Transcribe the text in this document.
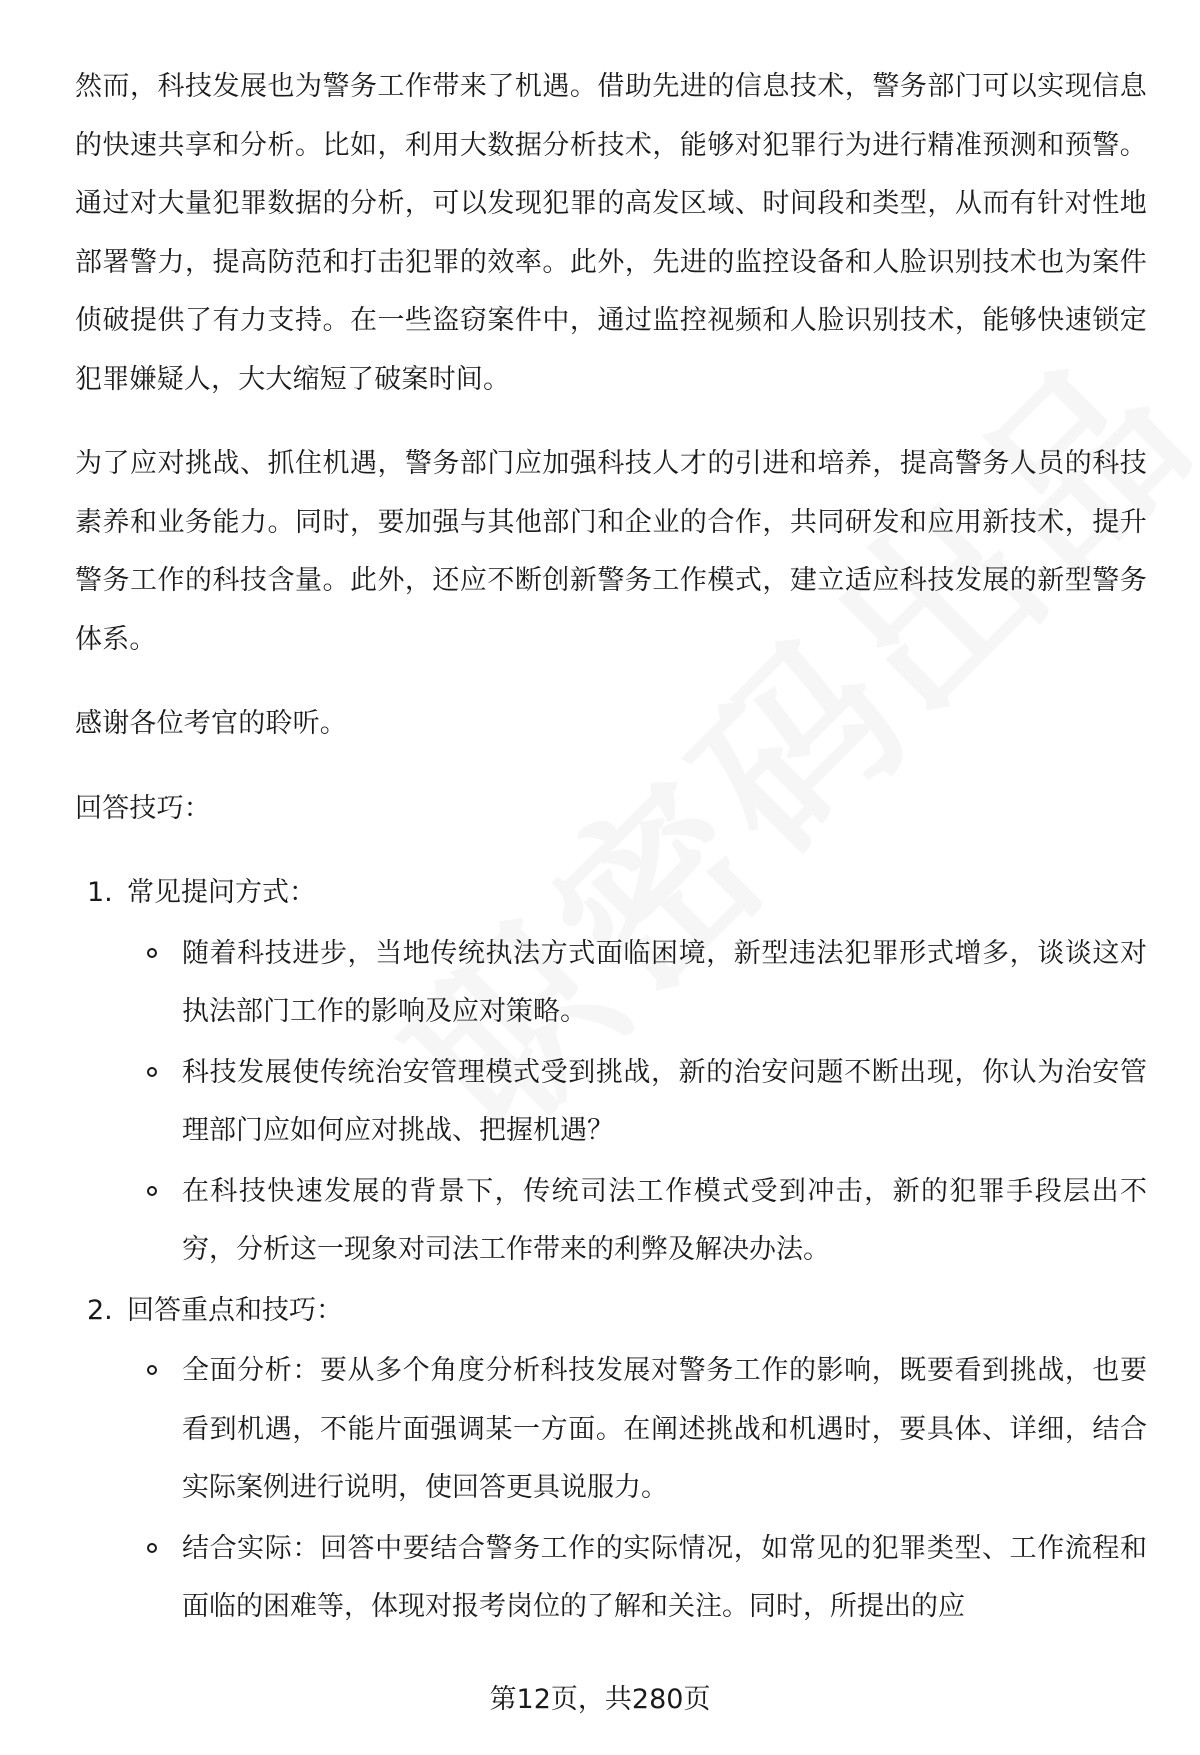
然而，科技发展也为警务工作带来了机遇。借助先进的信息技术，警务部门可以实现信息的快速共享和分析。比如，利用大数据分析技术，能够对犯罪行为进行精准预测和预警。通过对大量犯罪数据的分析，可以发现犯罪的高发区域、时间段和类型，从而有针对性地部署警力，提高防范和打击犯罪的效率。此外，先进的监控设备和人脸识别技术也为案件侦破提供了有力支持。在一些盗窃案件中，通过监控视频和人脸识别技术，能够快速锁定犯罪嫌疑人，大大缩短了破案时间。

为了应对挑战、抓住机遇，警务部门应加强科技人才的引进和培养，提高警务人员的科技素养和业务能力。同时，要加强与其他部门和企业的合作，共同研发和应用新技术，提升警务工作的科技含量。此外，还应不断创新警务工作模式，建立适应科技发展的新型警务体系。

感谢各位考官的聆听。

回答技巧：

1. 常见提问方式：
随着科技进步，当地传统执法方式面临困境，新型违法犯罪形式增多，谈谈这对执法部门工作的影响及应对策略。
科技发展使传统治安管理模式受到挑战，新的治安问题不断出现，你认为治安管理部门应如何应对挑战、把握机遇？
在科技快速发展的背景下，传统司法工作模式受到冲击，新的犯罪手段层出不穷，分析这一现象对司法工作带来的利弊及解决办法。
2. 回答重点和技巧：
全面分析：要从多个角度分析科技发展对警务工作的影响，既要看到挑战，也要看到机遇，不能片面强调某一方面。在阐述挑战和机遇时，要具体、详细，结合实际案例进行说明，使回答更具说服力。
结合实际：回答中要结合警务工作的实际情况，如常见的犯罪类型、工作流程和面临的困难等，体现对报考岗位的了解和关注。同时，所提出的应
第12页，共280页
